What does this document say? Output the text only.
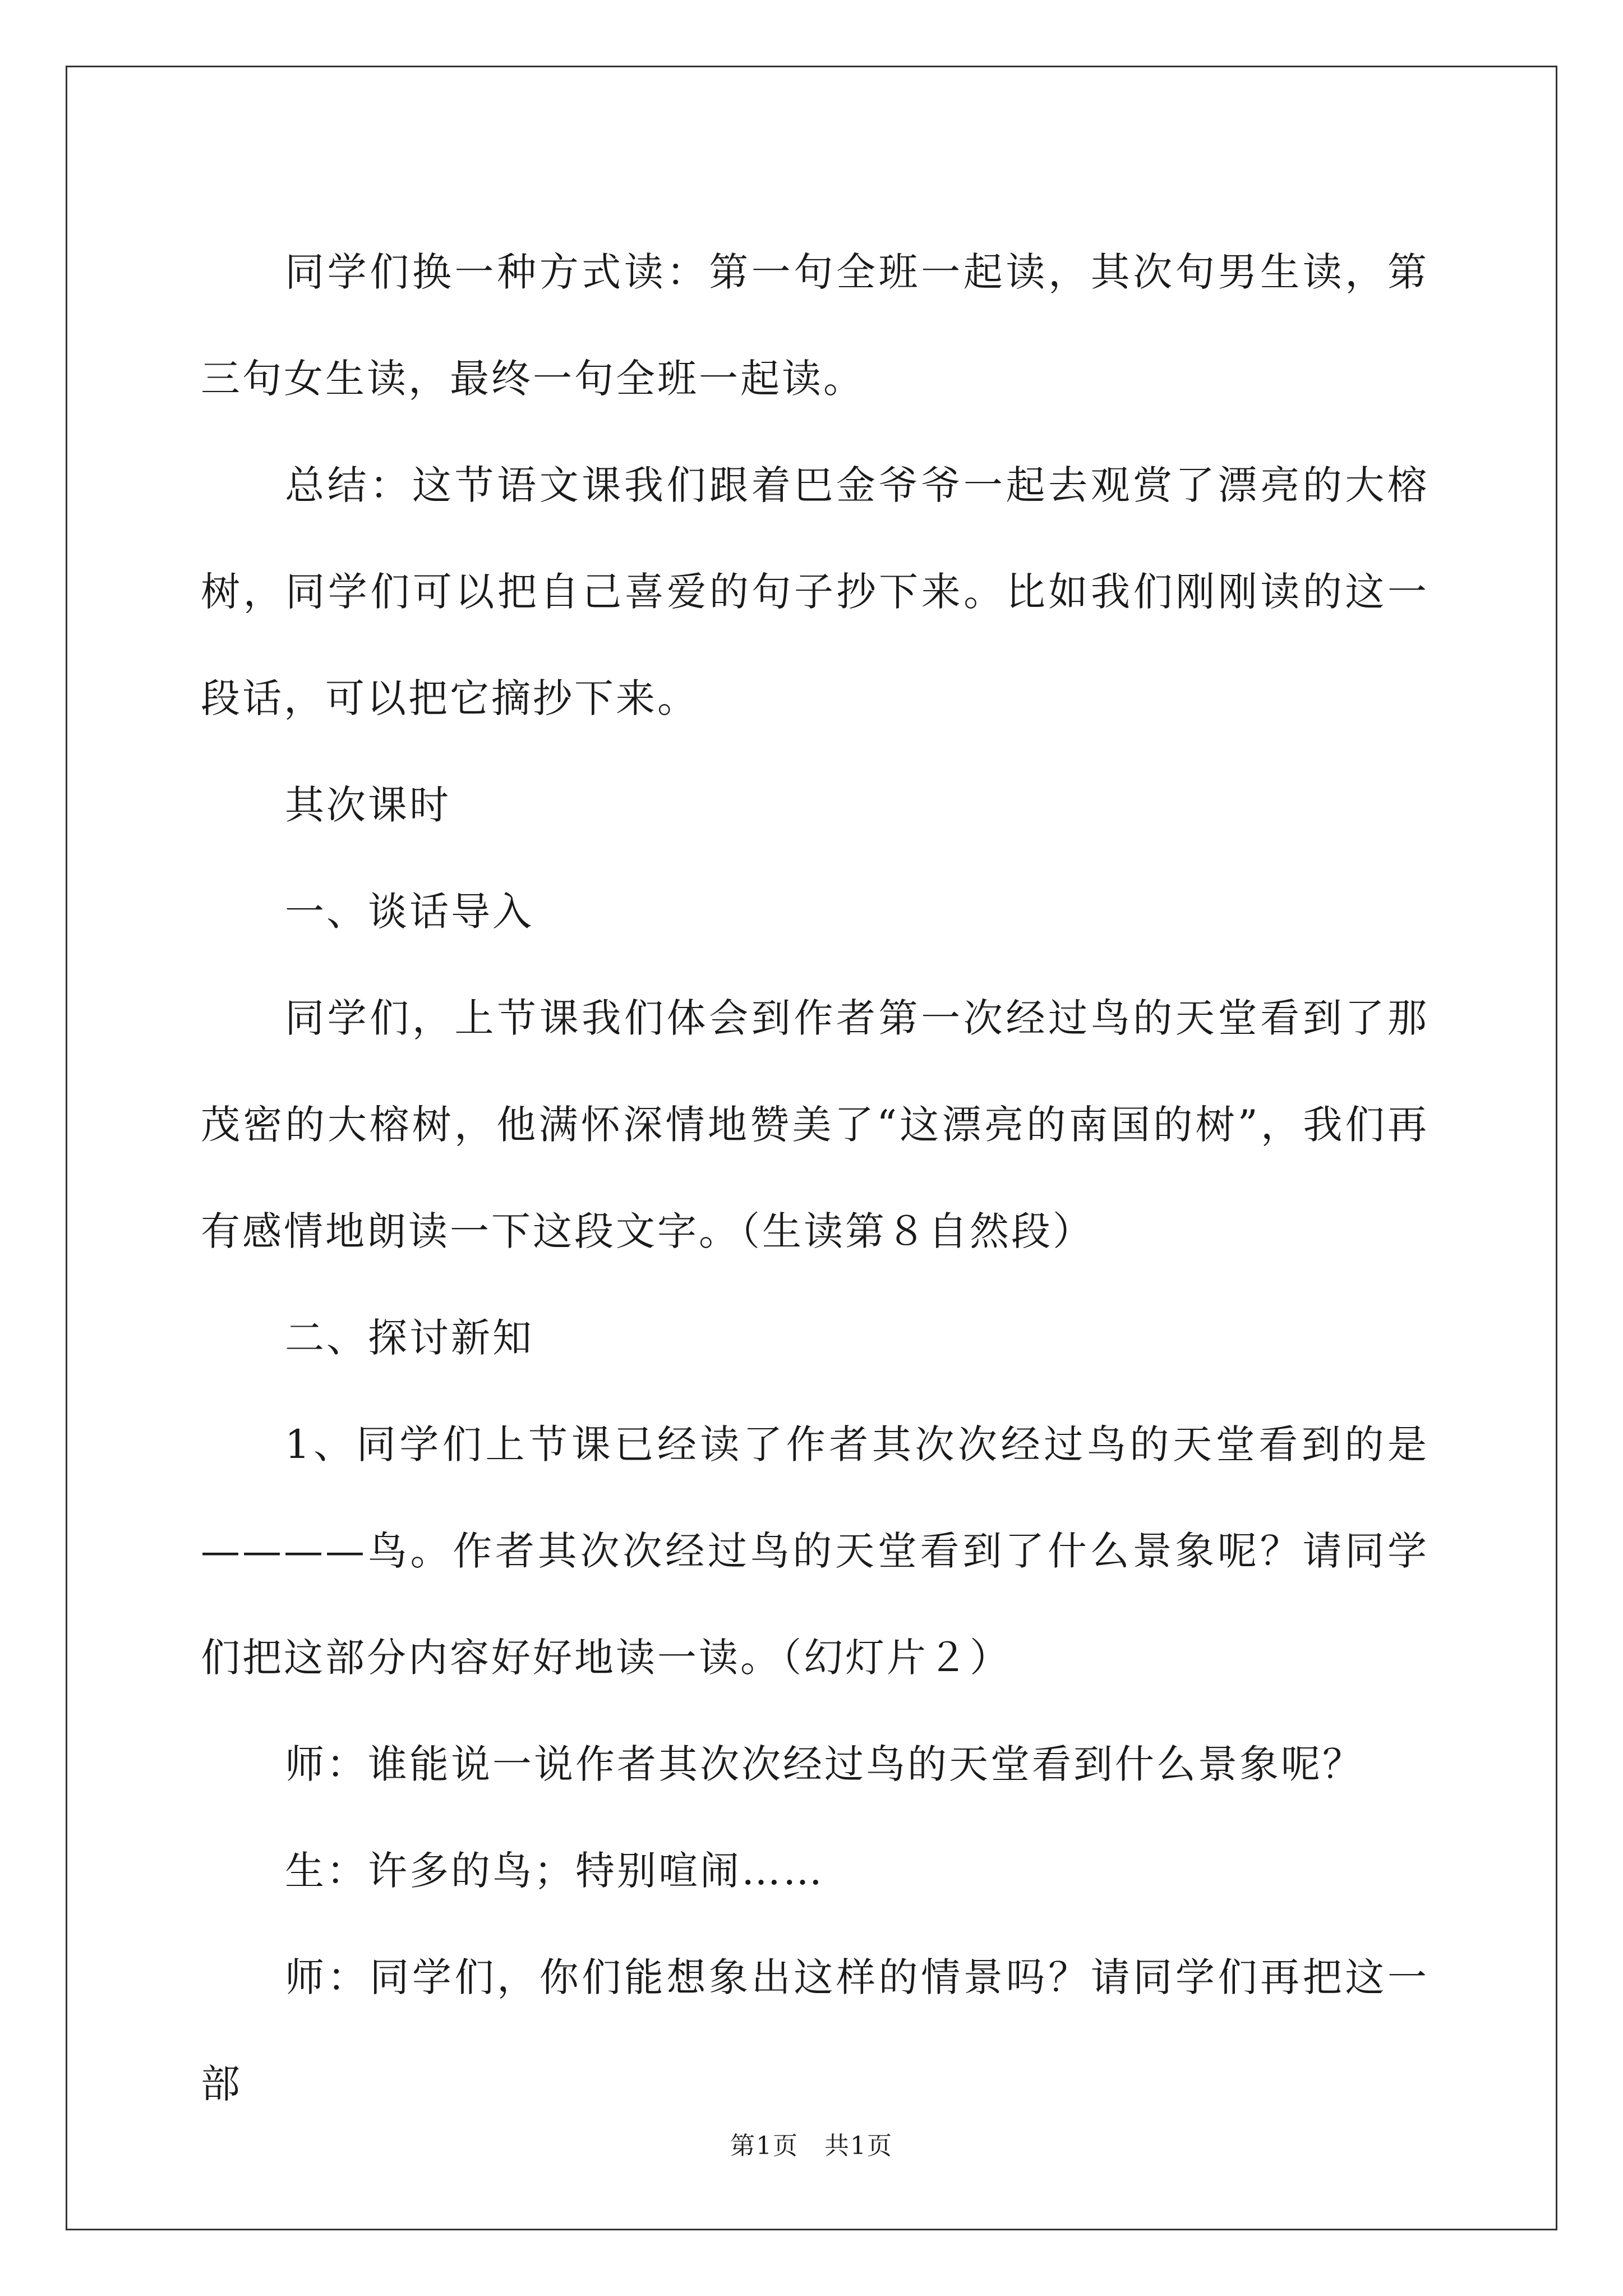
同学们换一种方式读：第一句全班一起读，其次句男生读，第三句女生读，最终一句全班一起读。

总结：这节语文课我们跟着巴金爷爷一起去观赏了漂亮的大榕树，同学们可以把自己喜爱的句子抄下来。比如我们刚刚读的这一段话，可以把它摘抄下来。

其次课时

一、谈话导入

同学们，上节课我们体会到作者第一次经过鸟的天堂看到了那茂密的大榕树，他满怀深情地赞美了“这漂亮的南国的树”，我们再有感情地朗读一下这段文字。（生读第８自然段）

二、探讨新知

1、同学们上节课已经读了作者其次次经过鸟的天堂看到的是————鸟。作者其次次经过鸟的天堂看到了什么景象呢？请同学们把这部分内容好好地读一读。（幻灯片２）

师：谁能说一说作者其次次经过鸟的天堂看到什么景象呢？

生：许多的鸟；特别喧闹……

师：同学们，你们能想象出这样的情景吗？请同学们再把这一部

第1页　共1页
